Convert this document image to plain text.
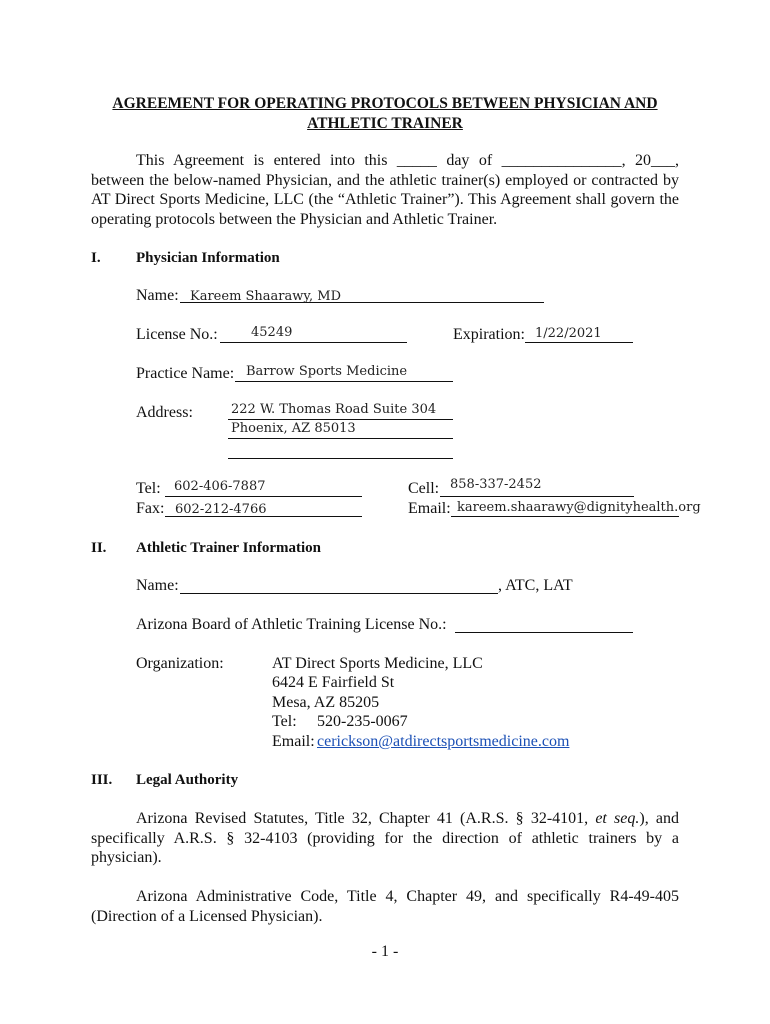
AGREEMENT FOR OPERATING PROTOCOLS BETWEEN PHYSICIAN AND
ATHLETIC TRAINER
This Agreement is entered into this _____ day of _______________, 20___, between the below-named Physician, and the athletic trainer(s) employed or contracted by AT Direct Sports Medicine, LLC (the “Athletic Trainer”). This Agreement shall govern the operating protocols between the Physician and Athletic Trainer.
I. Physician Information
Name: Kareem Shaarawy, MD
License No.:	45249	Expiration: 1/22/2021
Practice Name: Barrow Sports Medicine
Address:	222 W. Thomas Road Suite 304
Phoenix, AZ 85013
Tel: 602-406-7887	Cell: 858-337-2452
Fax: 602-212-4766	Email: kareem.shaarawy@dignityhealth.org
II. Athletic Trainer Information
Name:	, ATC, LAT
Arizona Board of Athletic Training License No.:
Organization:	AT Direct Sports Medicine, LLC
6424 E Fairfield St
Mesa, AZ 85205
Tel: 520-235-0067
Email: cerickson@atdirectsportsmedicine.com
III. Legal Authority
Arizona Revised Statutes, Title 32, Chapter 41 (A.R.S. § 32-4101, et seq.), and specifically A.R.S. § 32-4103 (providing for the direction of athletic trainers by a physician).
Arizona Administrative Code, Title 4, Chapter 49, and specifically R4-49-405 (Direction of a Licensed Physician).
- 1 -
